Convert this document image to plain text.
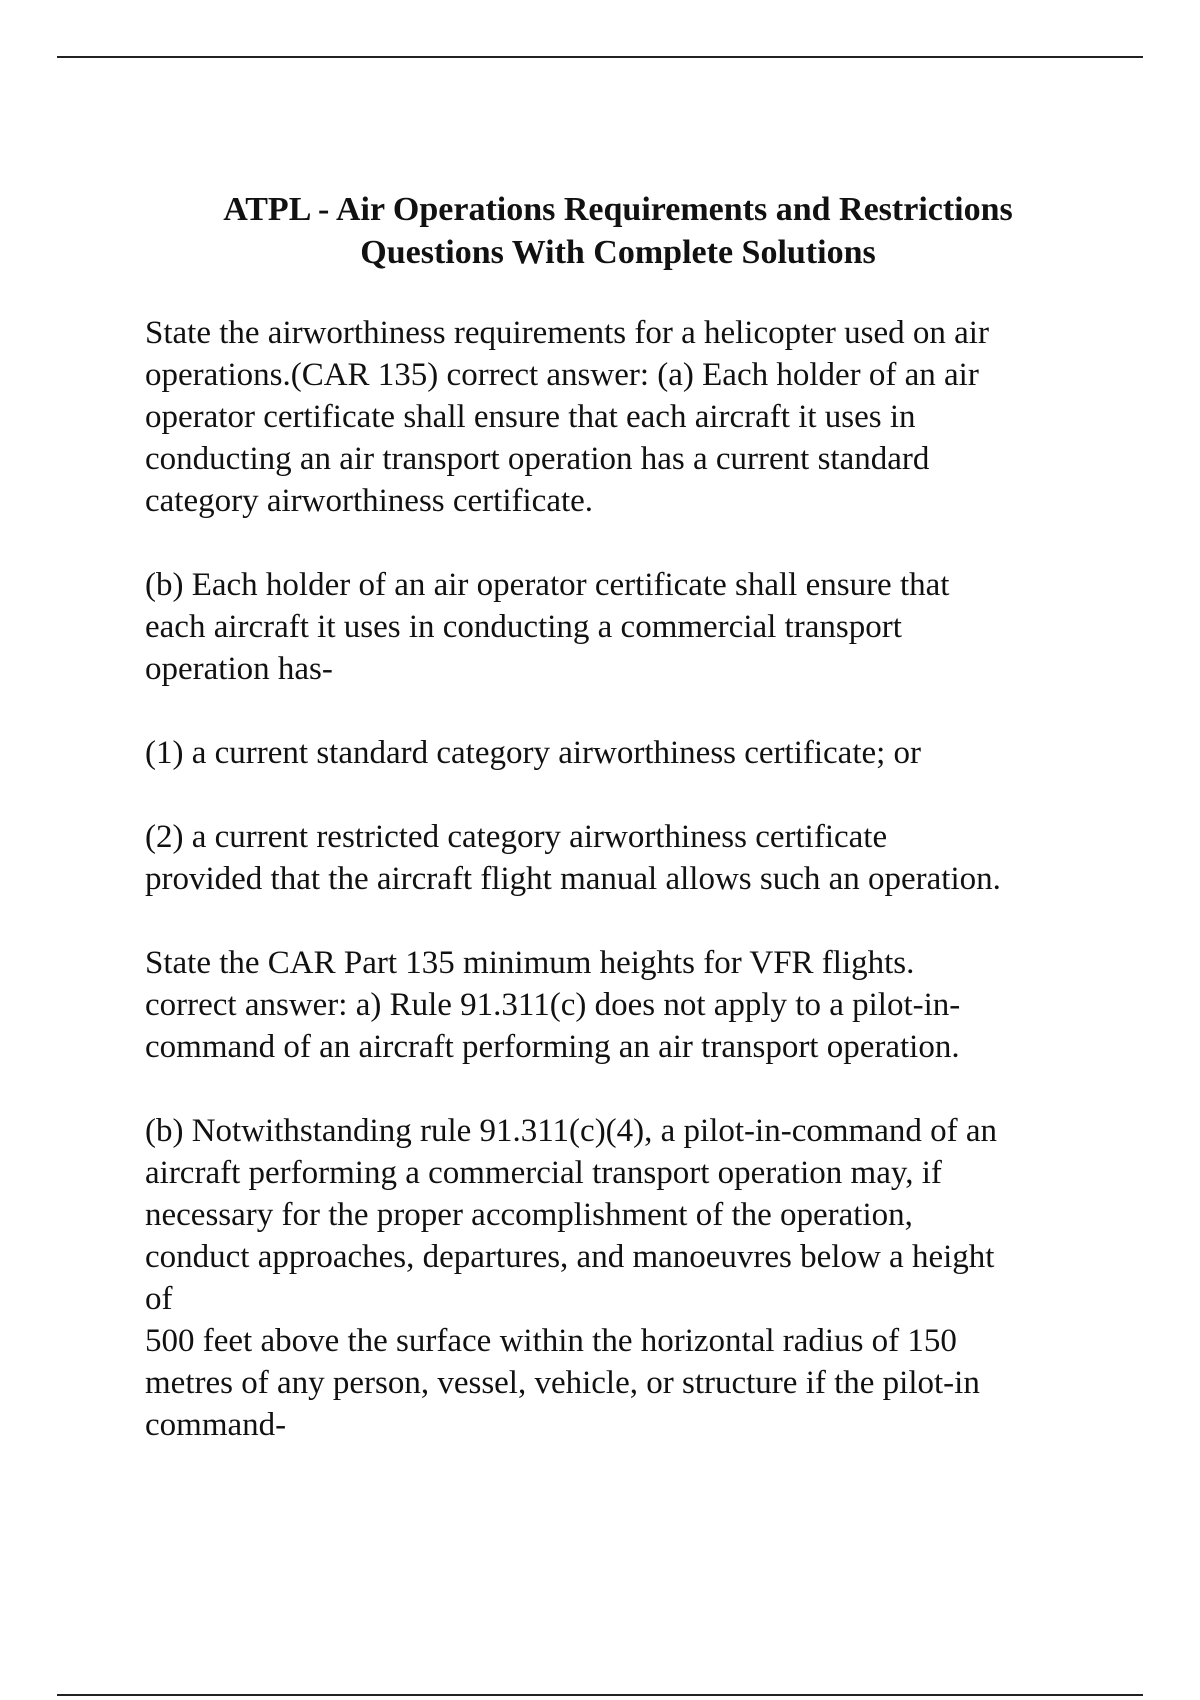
ATPL - Air Operations Requirements and Restrictions
Questions With Complete Solutions

State the airworthiness requirements for a helicopter used on air
operations.(CAR 135) correct answer: (a) Each holder of an air
operator certificate shall ensure that each aircraft it uses in
conducting an air transport operation has a current standard
category airworthiness certificate.

(b) Each holder of an air operator certificate shall ensure that
each aircraft it uses in conducting a commercial transport
operation has-

(1) a current standard category airworthiness certificate; or

(2) a current restricted category airworthiness certificate
provided that the aircraft flight manual allows such an operation.

State the CAR Part 135 minimum heights for VFR flights.
correct answer: a) Rule 91.311(c) does not apply to a pilot-in-
command of an aircraft performing an air transport operation.

(b) Notwithstanding rule 91.311(c)(4), a pilot-in-command of an
aircraft performing a commercial transport operation may, if
necessary for the proper accomplishment of the operation,
conduct approaches, departures, and manoeuvres below a height
of
500 feet above the surface within the horizontal radius of 150
metres of any person, vessel, vehicle, or structure if the pilot-in
command-
